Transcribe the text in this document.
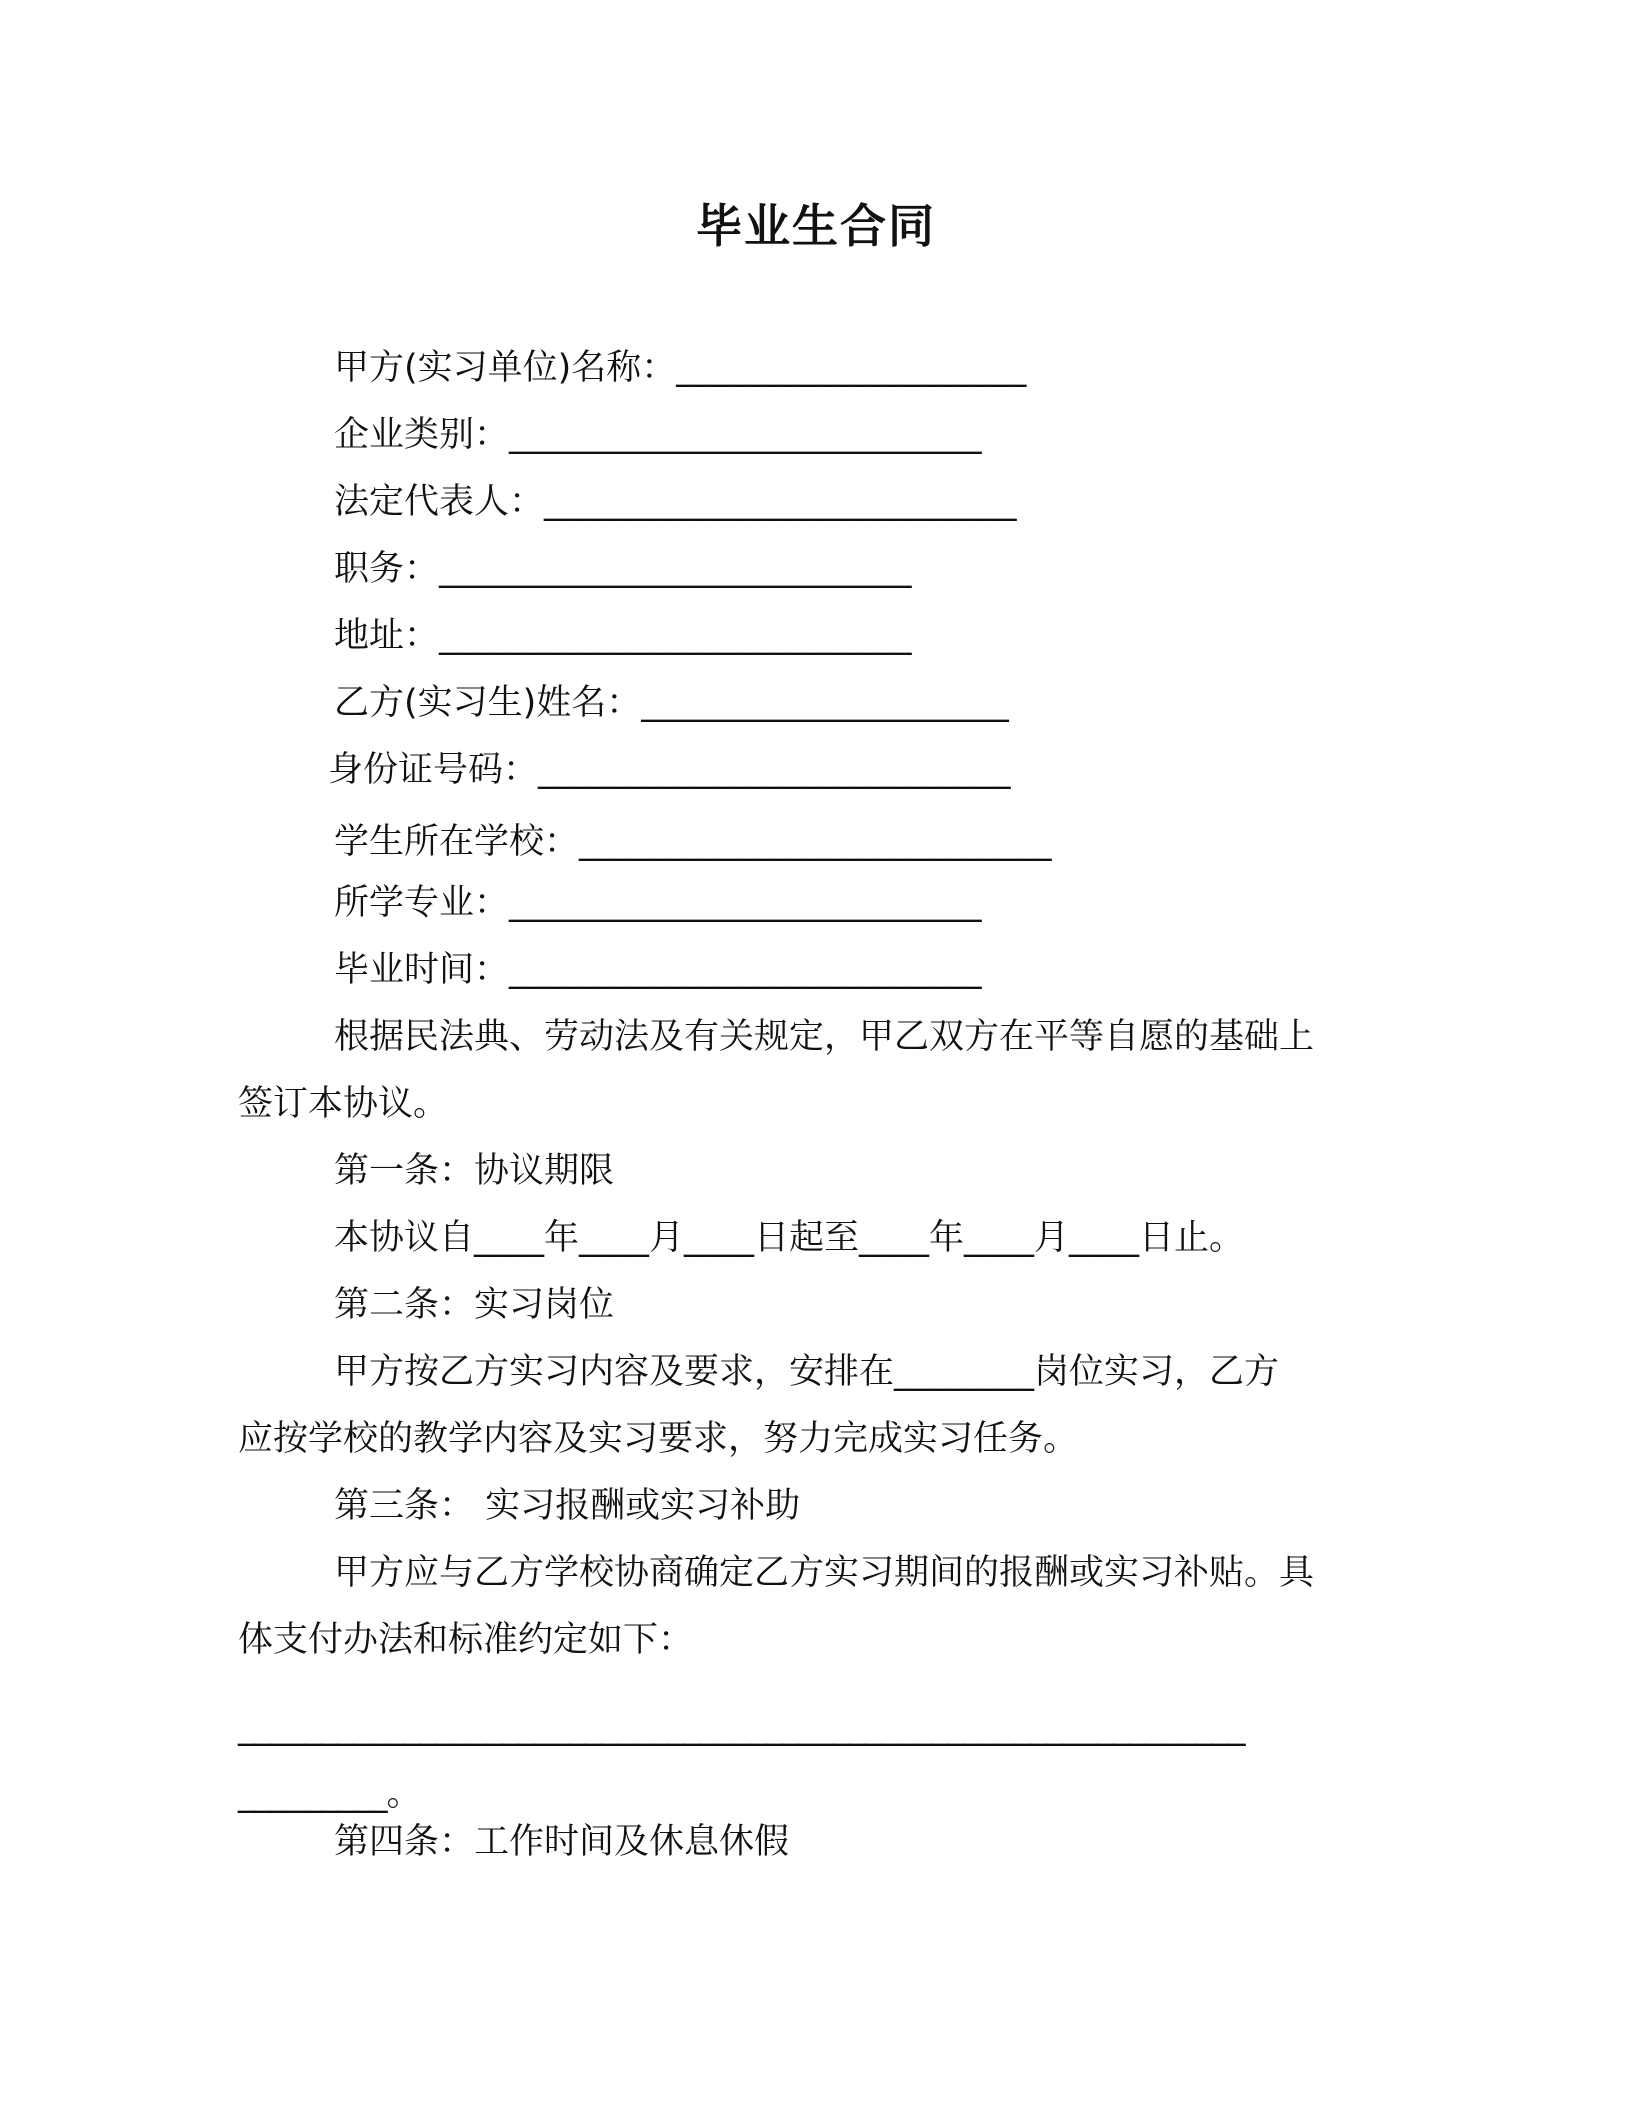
毕业生合同
甲方(实习单位)名称：____________________
企业类别：___________________________
法定代表人：___________________________
职务：___________________________
地址：___________________________
乙方(实习生)姓名：_____________________
身份证号码：___________________________
学生所在学校：___________________________
所学专业：___________________________
毕业时间：___________________________
根据民法典、劳动法及有关规定，甲乙双方在平等自愿的基础上
签订本协议。
第一条：协议期限
本协议自____年____月____日起至____年____月____日止。
第二条：实习岗位
甲方按乙方实习内容及要求，安排在________岗位实习，乙方
应按学校的教学内容及实习要求，努力完成实习任务。
第三条： 实习报酬或实习补助
甲方应与乙方学校协商确定乙方实习期间的报酬或实习补贴。具
体支付办法和标准约定如下：
_____________________________________________________________
_________。
第四条：工作时间及休息休假
